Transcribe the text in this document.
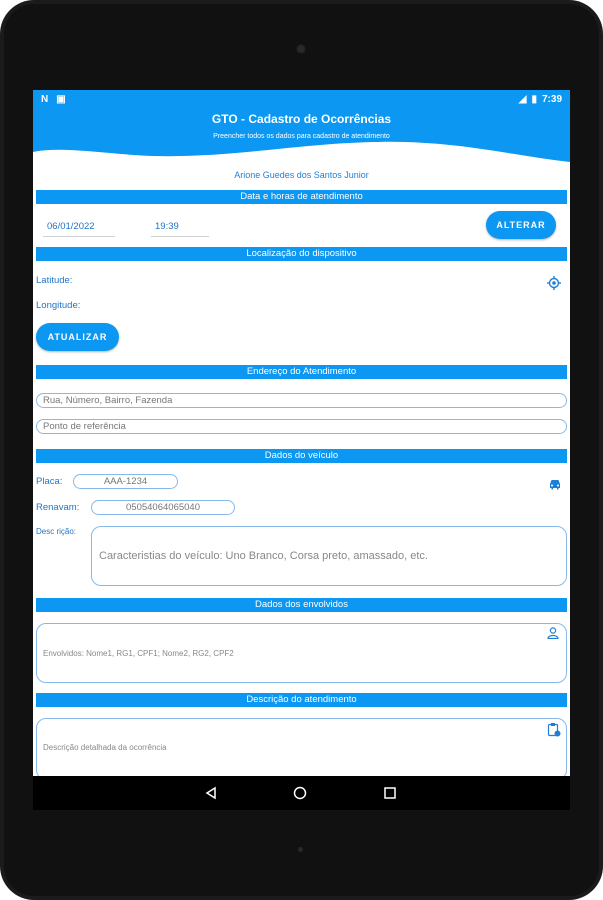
N ▣	◢ ▮ 7:39
GTO - Cadastro de Ocorrências
Preencher todos os dados para cadastro de atendimento
Arione Guedes dos Santos Junior
Data e horas de atendimento
06/01/2022	19:39	ALTERAR
Localização do dispositivo
Latitude:
Longitude:
ATUALIZAR
Endereço do Atendimento
Rua, Número, Bairro, Fazenda
Ponto de referência
Dados do veículo
Placa:	AAA-1234
Renavam:	05054064065040
Desc rição:
Caracteristias do veículo: Uno Branco, Corsa preto, amassado, etc.
Dados dos envolvidos
Envolvidos: Nome1, RG1, CPF1; Nome2, RG2, CPF2
Descrição do atendimento
Descrição detalhada da ocorrência
